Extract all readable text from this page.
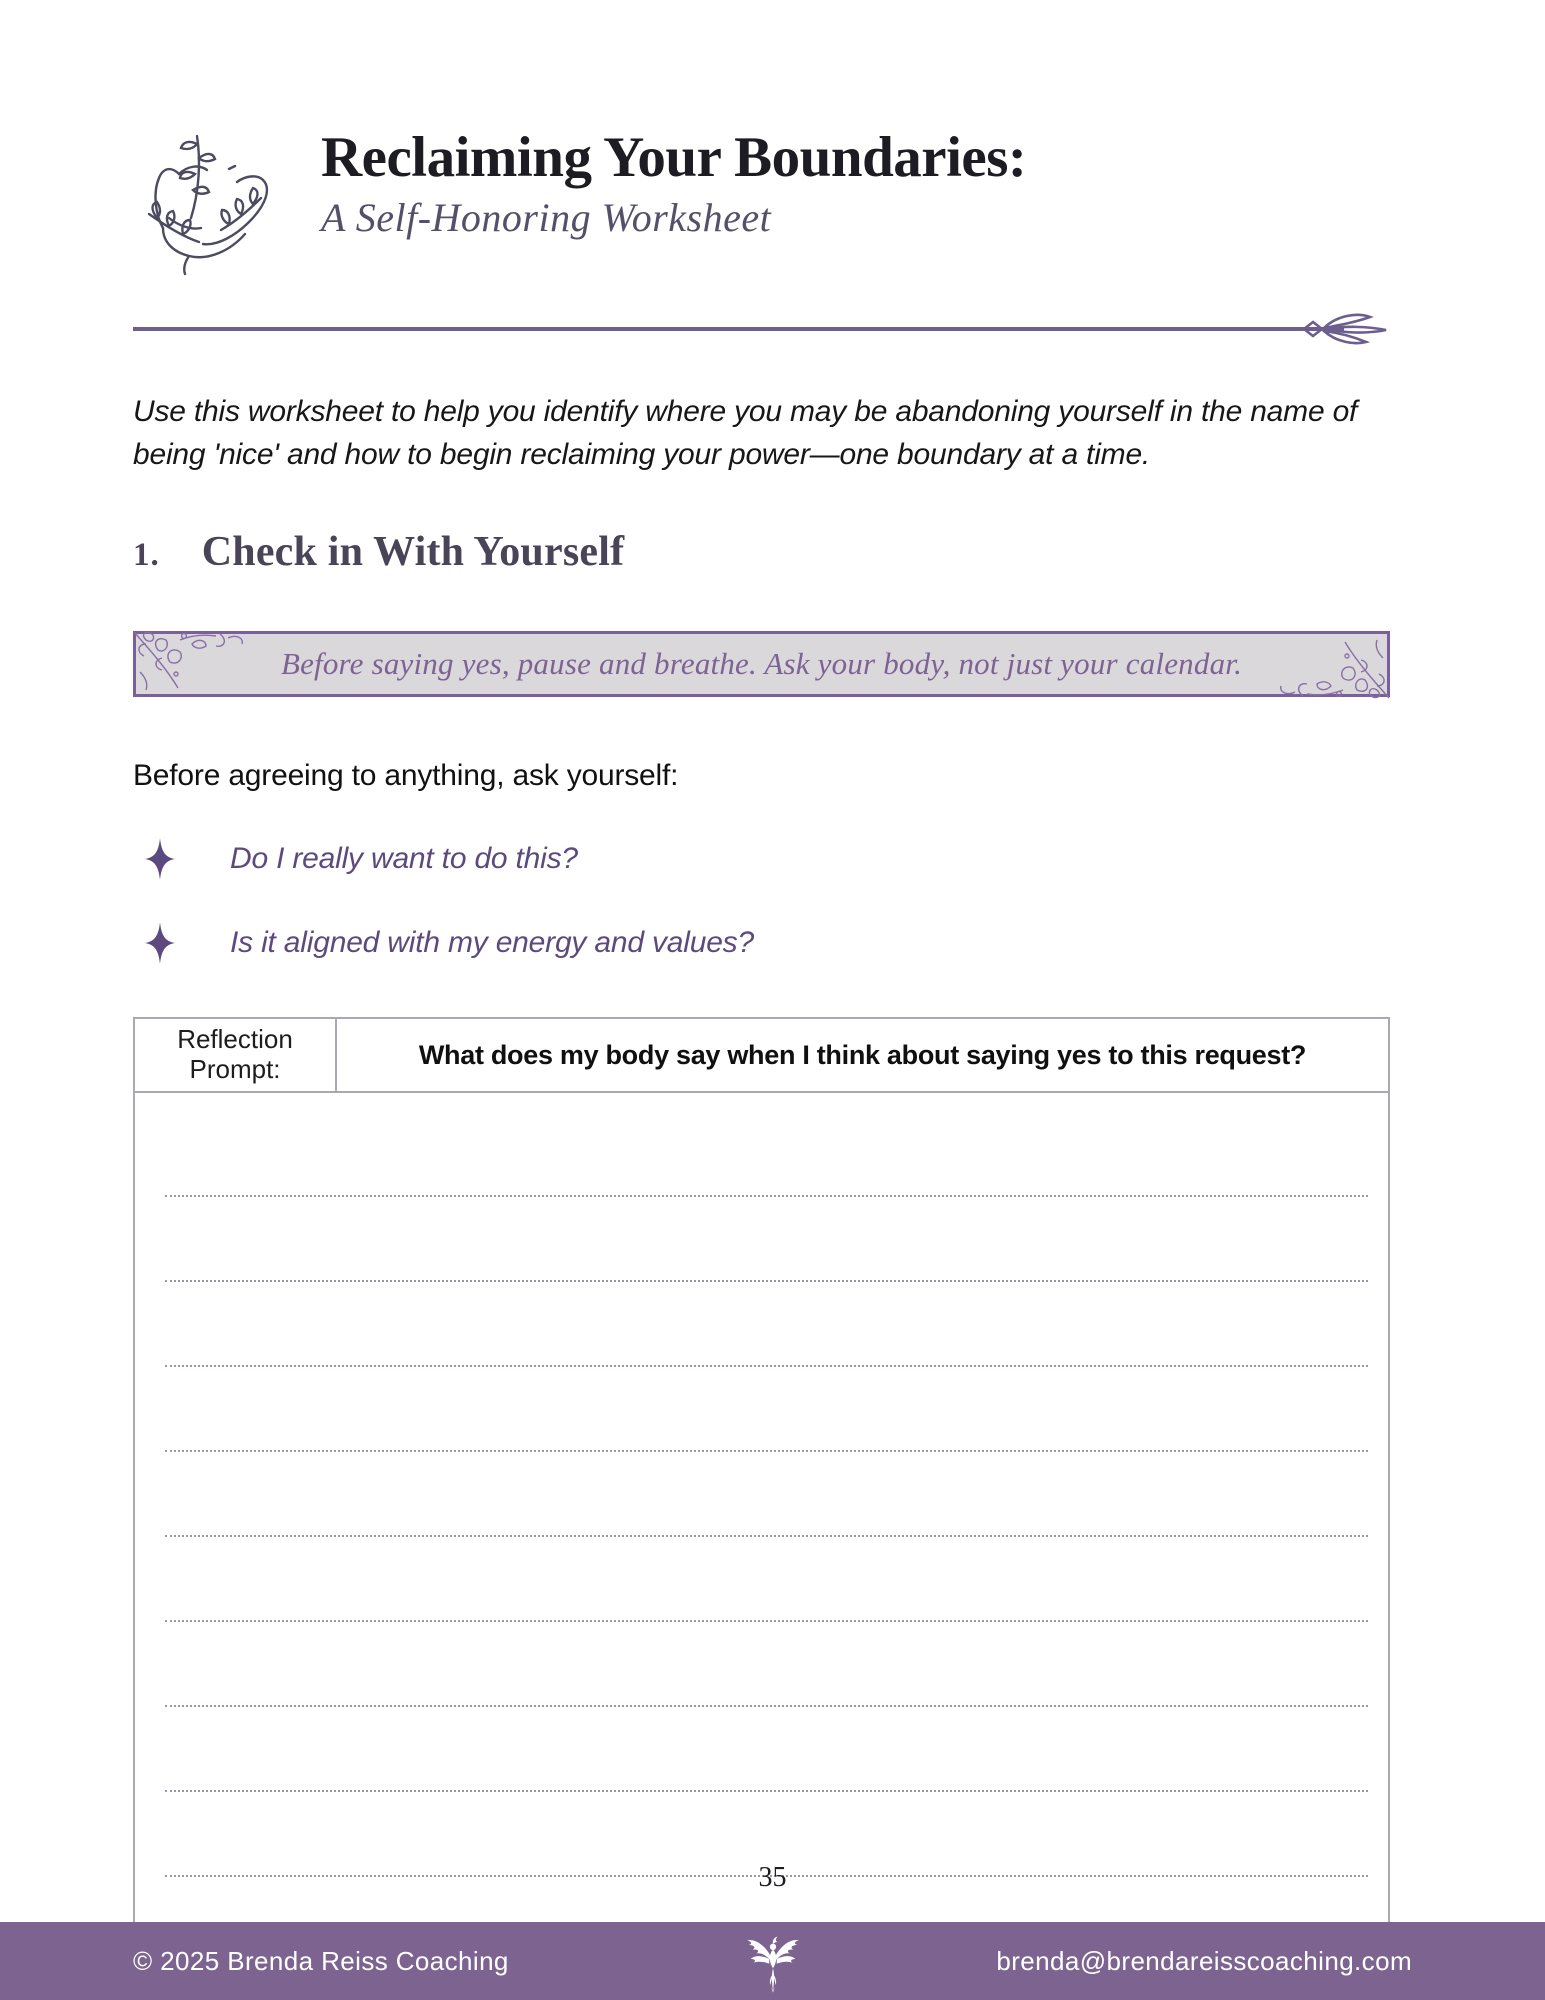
Reclaiming Your Boundaries:
A Self-Honoring Worksheet

Use this worksheet to help you identify where you may be abandoning yourself in the name of being 'nice' and how to begin reclaiming your power—one boundary at a time.

1. Check in With Yourself
Before saying yes, pause and breathe. Ask your body, not just your calendar.

Before agreeing to anything, ask yourself:

Do I really want to do this?
Is it aligned with my energy and values?
Reflection Prompt:	What does my body say when I think about saying yes to this request?
35
© 2025 Brenda Reiss Coaching	brenda@brendareisscoaching.com
